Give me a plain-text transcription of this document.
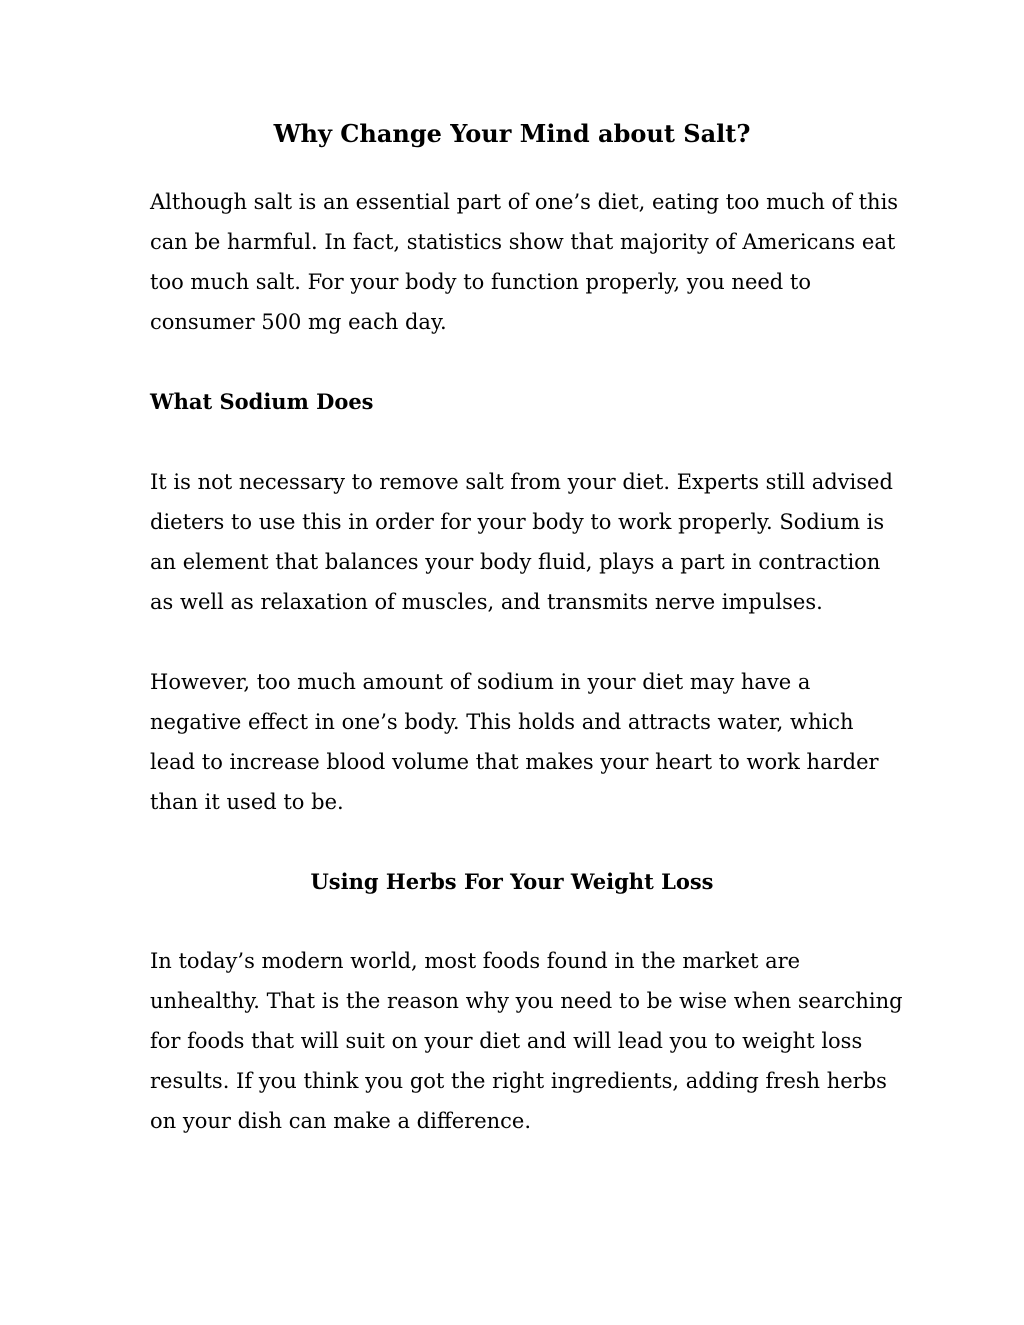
Why Change Your Mind about Salt?

Although salt is an essential part of one’s diet, eating too much of this
can be harmful. In fact, statistics show that majority of Americans eat
too much salt. For your body to function properly, you need to
consumer 500 mg each day.

What Sodium Does

It is not necessary to remove salt from your diet. Experts still advised
dieters to use this in order for your body to work properly. Sodium is
an element that balances your body fluid, plays a part in contraction
as well as relaxation of muscles, and transmits nerve impulses.

However, too much amount of sodium in your diet may have a
negative effect in one’s body. This holds and attracts water, which
lead to increase blood volume that makes your heart to work harder
than it used to be.

Using Herbs For Your Weight Loss

In today’s modern world, most foods found in the market are
unhealthy. That is the reason why you need to be wise when searching
for foods that will suit on your diet and will lead you to weight loss
results. If you think you got the right ingredients, adding fresh herbs
on your dish can make a difference.
